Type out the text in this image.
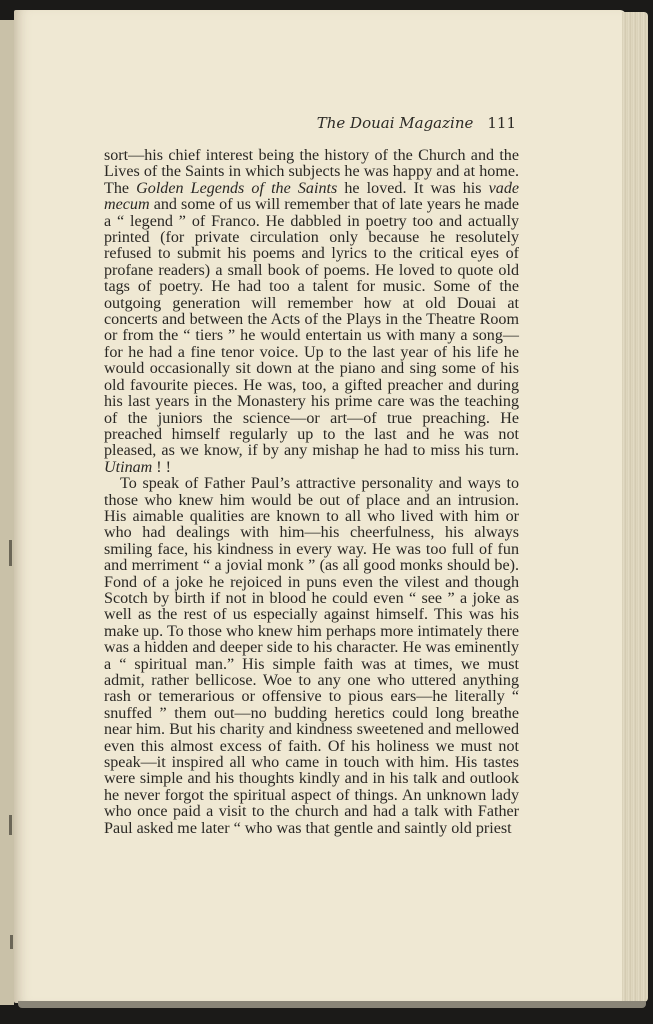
The Douai Magazine 111

sort—his chief interest being the history of the Church and the Lives of the Saints in which subjects he was happy and at home. The Golden Legends of the Saints he loved. It was his vade mecum and some of us will remember that of late years he made a “ legend ” of Franco. He dabbled in poetry too and actually printed (for private circulation only because he resolutely refused to submit his poems and lyrics to the critical eyes of profane readers) a small book of poems. He loved to quote old tags of poetry. He had too a talent for music. Some of the outgoing generation will remember how at old Douai at concerts and between the Acts of the Plays in the Theatre Room or from the “ tiers ” he would entertain us with many a song—for he had a fine tenor voice. Up to the last year of his life he would occasionally sit down at the piano and sing some of his old favourite pieces. He was, too, a gifted preacher and during his last years in the Monastery his prime care was the teaching of the juniors the science—or art—of true preaching. He preached himself regularly up to the last and he was not pleased, as we know, if by any mishap he had to miss his turn. Utinam ! !

To speak of Father Paul’s attractive personality and ways to those who knew him would be out of place and an intrusion. His aimable qualities are known to all who lived with him or who had dealings with him—his cheerfulness, his always smiling face, his kindness in every way. He was too full of fun and merriment “ a jovial monk ” (as all good monks should be). Fond of a joke he rejoiced in puns even the vilest and though Scotch by birth if not in blood he could even “ see ” a joke as well as the rest of us especially against himself. This was his make up. To those who knew him perhaps more intimately there was a hidden and deeper side to his character. He was eminently a “ spiritual man.” His simple faith was at times, we must admit, rather bellicose. Woe to any one who uttered anything rash or temerarious or offensive to pious ears—he literally “ snuffed ” them out—no budding heretics could long breathe near him. But his charity and kindness sweetened and mellowed even this almost excess of faith. Of his holiness we must not speak—it inspired all who came in touch with him. His tastes were simple and his thoughts kindly and in his talk and outlook he never forgot the spiritual aspect of things. An unknown lady who once paid a visit to the church and had a talk with Father Paul asked me later “ who was that gentle and saintly old priest
